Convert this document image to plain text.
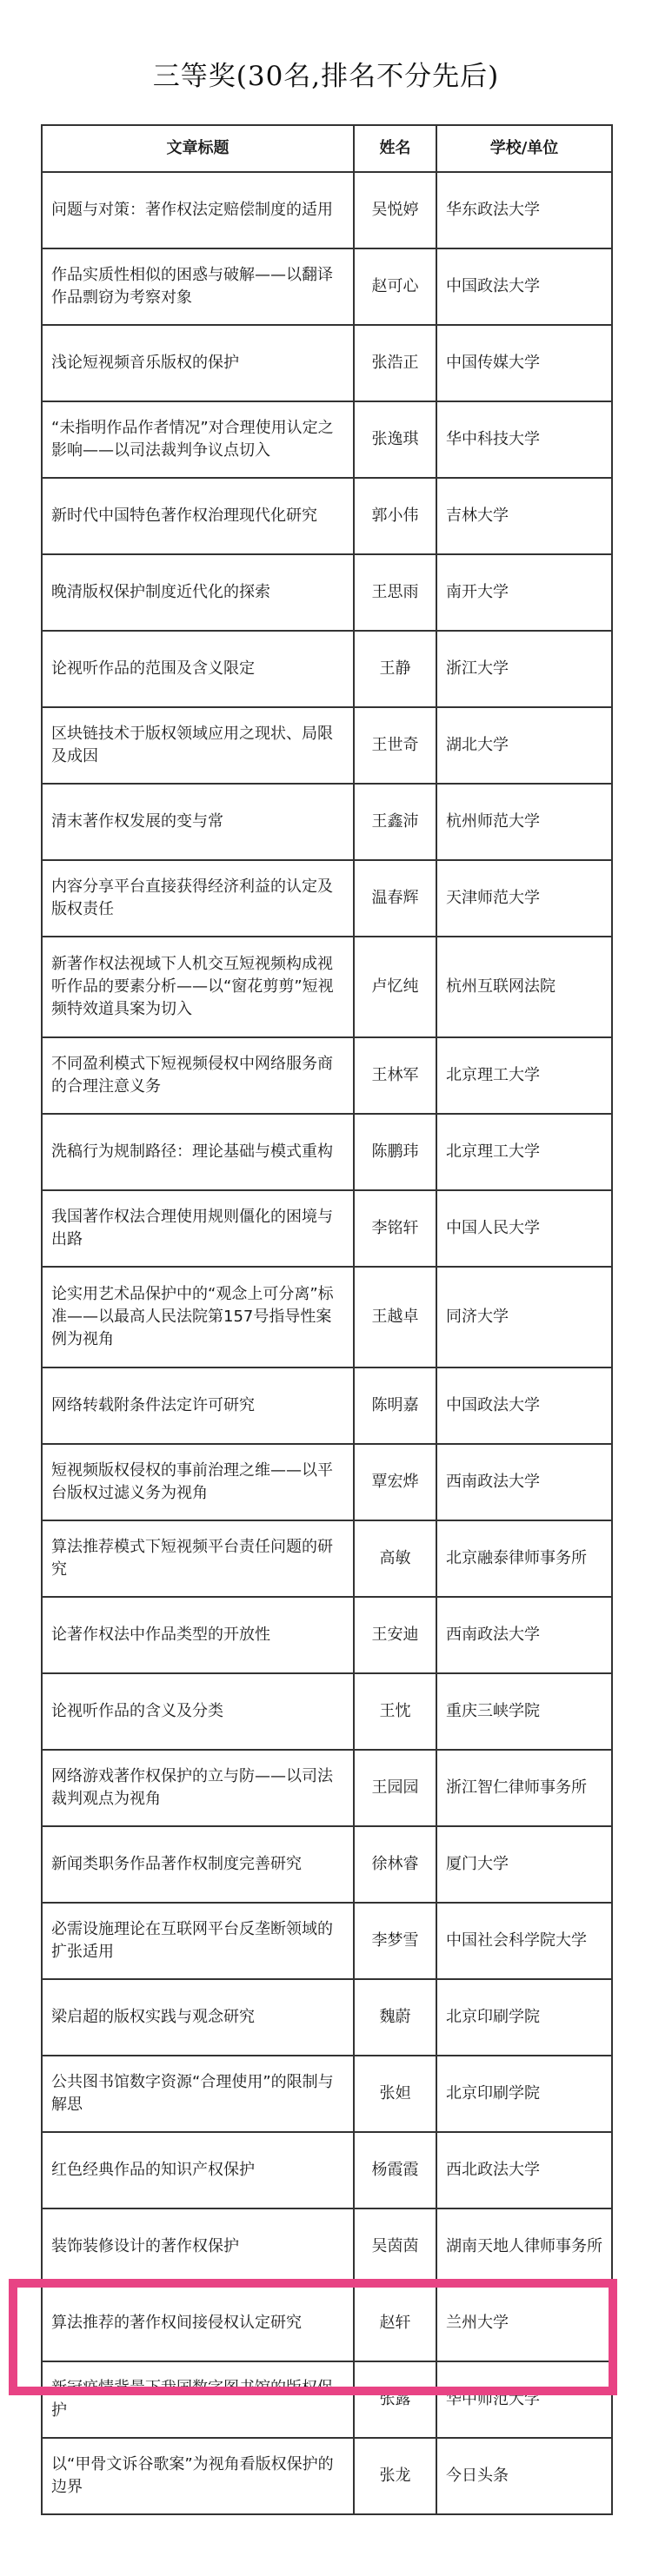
三等奖(30名,排名不分先后)
文章标题	姓名	学校/单位
问题与对策：著作权法定赔偿制度的适用	吴悦婷	华东政法大学
作品实质性相似的困惑与破解——以翻译作品剽窃为考察对象	赵可心	中国政法大学
浅论短视频音乐版权的保护	张浩正	中国传媒大学
“未指明作品作者情况”对合理使用认定之影响——以司法裁判争议点切入	张逸琪	华中科技大学
新时代中国特色著作权治理现代化研究	郭小伟	吉林大学
晚清版权保护制度近代化的探索	王思雨	南开大学
论视听作品的范围及含义限定	王静	浙江大学
区块链技术于版权领域应用之现状、局限及成因	王世奇	湖北大学
清末著作权发展的变与常	王鑫沛	杭州师范大学
内容分享平台直接获得经济利益的认定及版权责任	温春辉	天津师范大学
新著作权法视域下人机交互短视频构成视听作品的要素分析——以“窗花剪剪”短视频特效道具案为切入	卢忆纯	杭州互联网法院
不同盈利模式下短视频侵权中网络服务商的合理注意义务	王林军	北京理工大学
洗稿行为规制路径：理论基础与模式重构	陈鹏玮	北京理工大学
我国著作权法合理使用规则僵化的困境与出路	李铭轩	中国人民大学
论实用艺术品保护中的“观念上可分离”标准——以最高人民法院第157号指导性案例为视角	王越卓	同济大学
网络转载附条件法定许可研究	陈明嘉	中国政法大学
短视频版权侵权的事前治理之维——以平台版权过滤义务为视角	覃宏烨	西南政法大学
算法推荐模式下短视频平台责任问题的研究	高敏	北京融泰律师事务所
论著作权法中作品类型的开放性	王安迪	西南政法大学
论视听作品的含义及分类	王忱	重庆三峡学院
网络游戏著作权保护的立与防——以司法裁判观点为视角	王园园	浙江智仁律师事务所
新闻类职务作品著作权制度完善研究	徐林睿	厦门大学
必需设施理论在互联网平台反垄断领域的扩张适用	李梦雪	中国社会科学院大学
梁启超的版权实践与观念研究	魏蔚	北京印刷学院
公共图书馆数字资源“合理使用”的限制与解思	张妲	北京印刷学院
红色经典作品的知识产权保护	杨霞霞	西北政法大学
装饰装修设计的著作权保护	吴茵茵	湖南天地人律师事务所
算法推荐的著作权间接侵权认定研究	赵轩	兰州大学
新冠疫情背景下我国数字图书馆的版权保护	张露	华中师范大学
以“甲骨文诉谷歌案”为视角看版权保护的边界	张龙	今日头条
